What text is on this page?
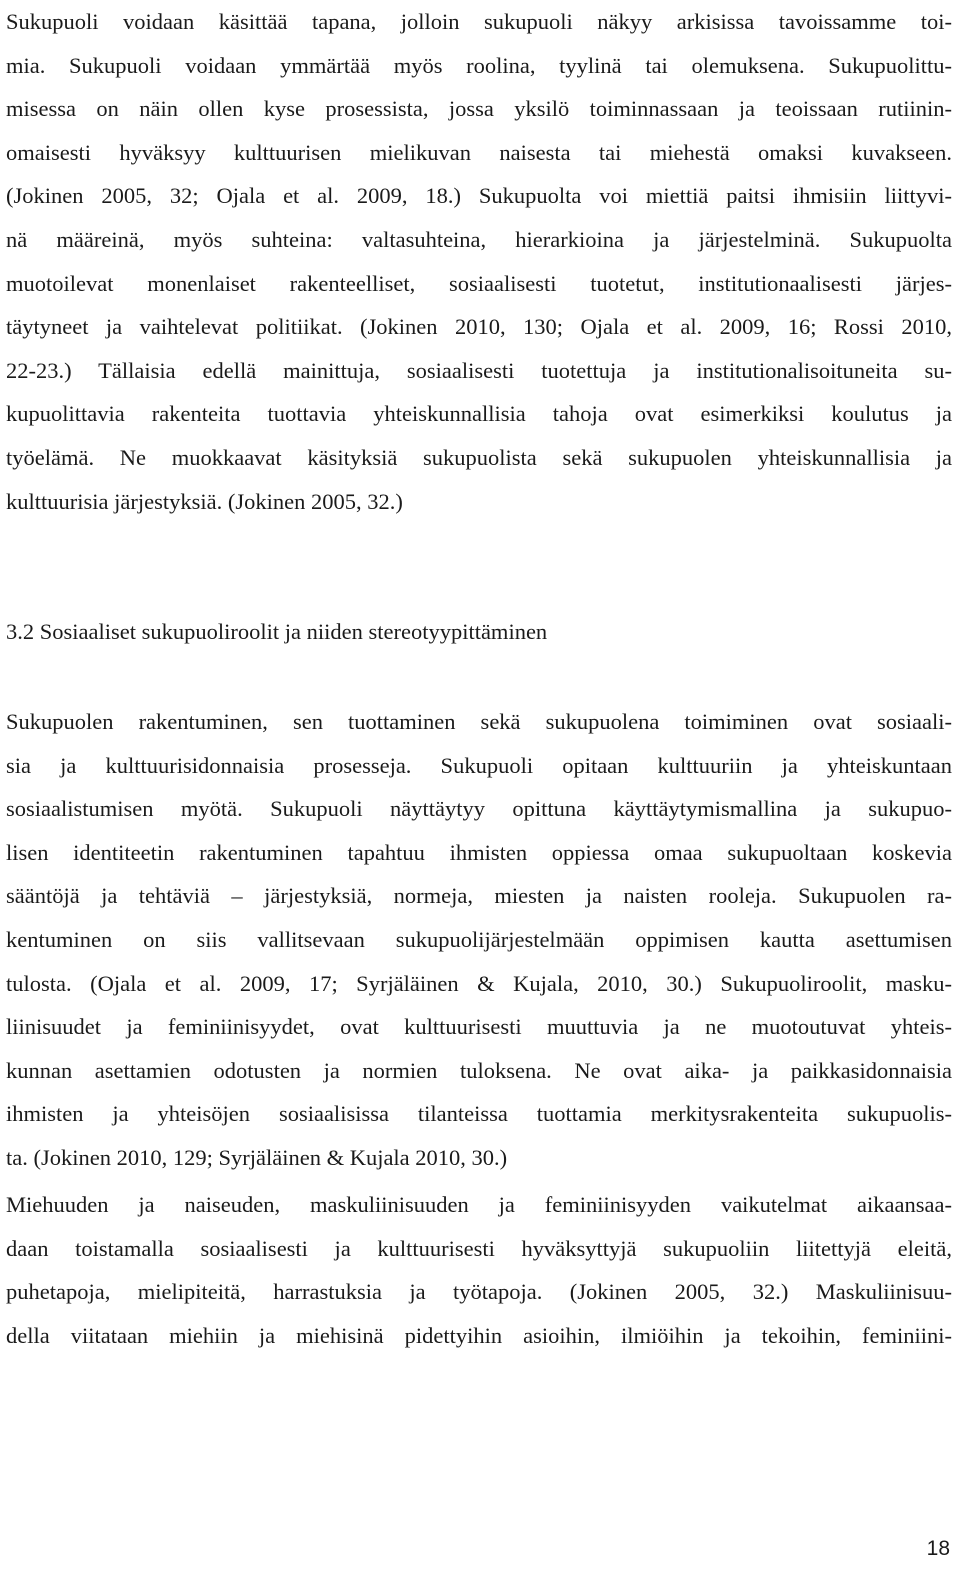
Sukupuoli voidaan käsittää tapana, jolloin sukupuoli näkyy arkisissa tavoissamme toi-
mia. Sukupuoli voidaan ymmärtää myös roolina, tyylinä tai olemuksena. Sukupuolittu-
misessa on näin ollen kyse prosessista, jossa yksilö toiminnassaan ja teoissaan rutiinin-
omaisesti hyväksyy kulttuurisen mielikuvan naisesta tai miehestä omaksi kuvakseen.
(Jokinen 2005, 32; Ojala et al. 2009, 18.) Sukupuolta voi miettiä paitsi ihmisiin liittyvi-
nä määreinä, myös suhteina: valtasuhteina, hierarkioina ja järjestelminä. Sukupuolta
muotoilevat monenlaiset rakenteelliset, sosiaalisesti tuotetut, institutionaalisesti järjes-
täytyneet ja vaihtelevat politiikat. (Jokinen 2010, 130; Ojala et al. 2009, 16; Rossi 2010,
22-23.) Tällaisia edellä mainittuja, sosiaalisesti tuotettuja ja institutionalisoituneita su-
kupuolittavia rakenteita tuottavia yhteiskunnallisia tahoja ovat esimerkiksi koulutus ja
työelämä. Ne muokkaavat käsityksiä sukupuolista sekä sukupuolen yhteiskunnallisia ja
kulttuurisia järjestyksiä. (Jokinen 2005, 32.)
3.2 Sosiaaliset sukupuoliroolit ja niiden stereotyypittäminen
Sukupuolen rakentuminen, sen tuottaminen sekä sukupuolena toimiminen ovat sosiaali-
sia ja kulttuurisidonnaisia prosesseja. Sukupuoli opitaan kulttuuriin ja yhteiskuntaan
sosiaalistumisen myötä. Sukupuoli näyttäytyy opittuna käyttäytymismallina ja sukupuo-
lisen identiteetin rakentuminen tapahtuu ihmisten oppiessa omaa sukupuoltaan koskevia
sääntöjä ja tehtäviä – järjestyksiä, normeja, miesten ja naisten rooleja. Sukupuolen ra-
kentuminen on siis vallitsevaan sukupuolijärjestelmään oppimisen kautta asettumisen
tulosta. (Ojala et al. 2009, 17; Syrjäläinen & Kujala, 2010, 30.) Sukupuoliroolit, masku-
liinisuudet ja feminiinisyydet, ovat kulttuurisesti muuttuvia ja ne muotoutuvat yhteis-
kunnan asettamien odotusten ja normien tuloksena. Ne ovat aika- ja paikkasidonnaisia
ihmisten ja yhteisöjen sosiaalisissa tilanteissa tuottamia merkitysrakenteita sukupuolis-
ta. (Jokinen 2010, 129; Syrjäläinen & Kujala 2010, 30.)
Miehuuden ja naiseuden, maskuliinisuuden ja feminiinisyyden vaikutelmat aikaansaa-
daan toistamalla sosiaalisesti ja kulttuurisesti hyväksyttyjä sukupuoliin liitettyjä eleitä,
puhetapoja, mielipiteitä, harrastuksia ja työtapoja. (Jokinen 2005, 32.) Maskuliinisuu-
della viitataan miehiin ja miehisinä pidettyihin asioihin, ilmiöihin ja tekoihin, feminiini-
18
